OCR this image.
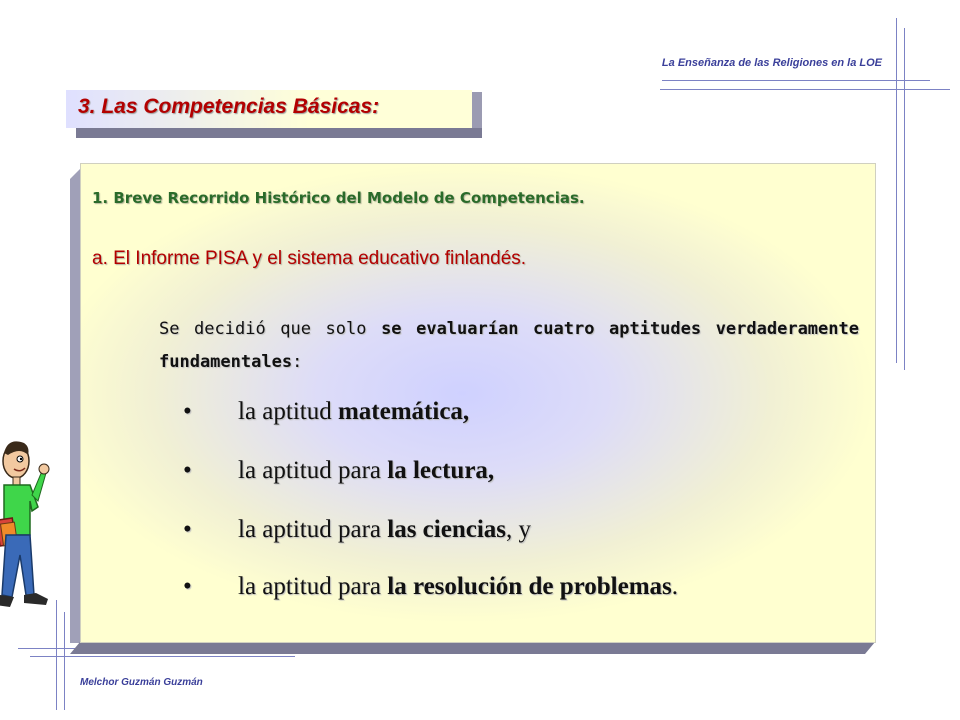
La Enseñanza de las Religiones en la LOE
3. Las Competencias Básicas:
1. Breve Recorrido Histórico del Modelo de Competencias.
a. El Informe PISA y el sistema educativo finlandés.
Se decidió que solo se evaluarían cuatro aptitudes verdaderamente fundamentales:
• la aptitud matemática,
• la aptitud para la lectura,
• la aptitud para las ciencias, y
• la aptitud para la resolución de problemas.
Melchor Guzmán Guzmán
